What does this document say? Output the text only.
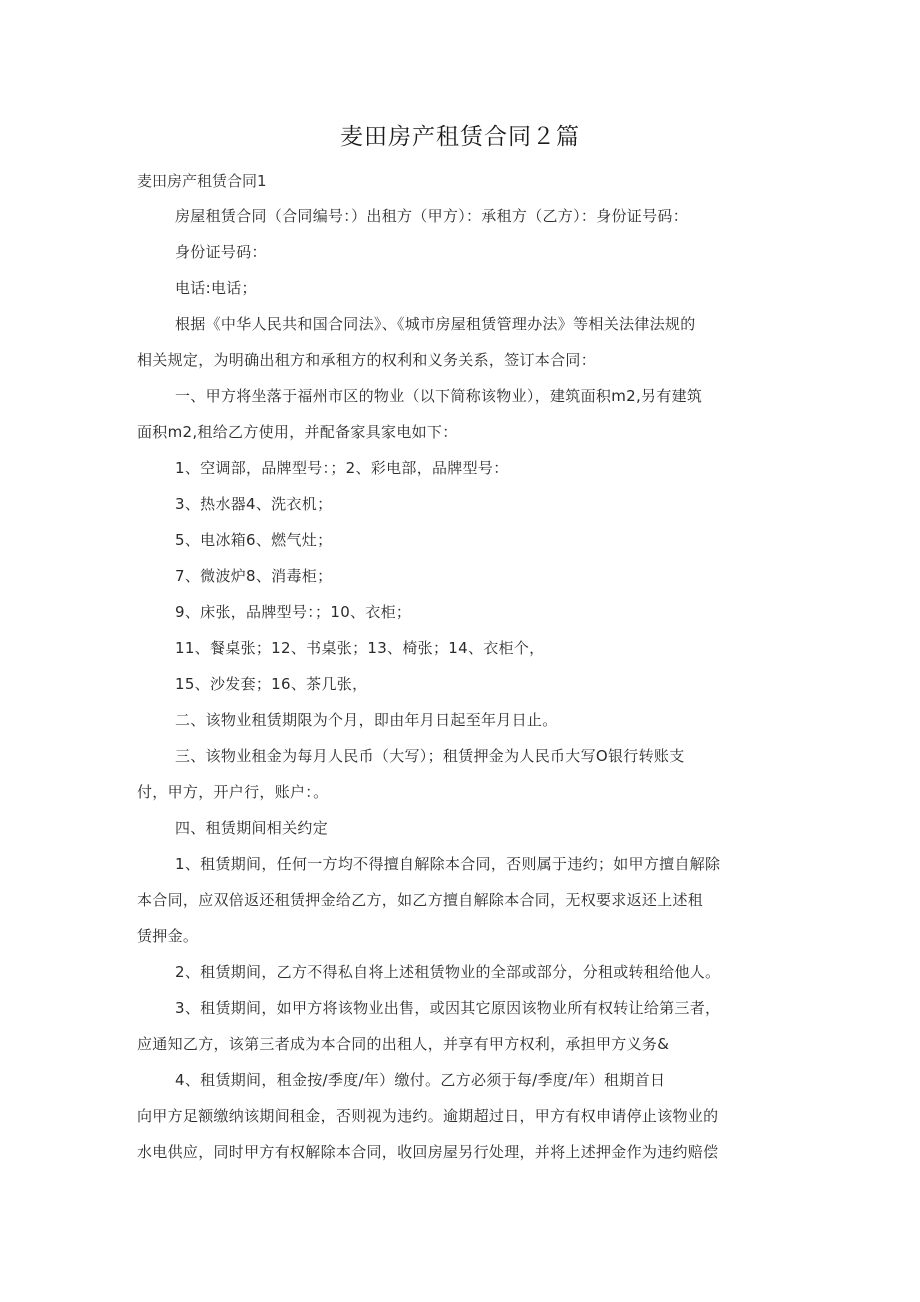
麦田房产租赁合同２篇
麦田房产租赁合同1
房屋租赁合同（合同编号：）出租方（甲方）：承租方（乙方）：身份证号码：
身份证号码：
电话:电话；
根据《中华人民共和国合同法》、《城市房屋租赁管理办法》等相关法律法规的
相关规定，为明确出租方和承租方的权利和义务关系，签订本合同：
一、甲方将坐落于福州市区的物业（以下简称该物业），建筑面积m2,另有建筑
面积m2,租给乙方使用，并配备家具家电如下：
1、空调部，品牌型号：；2、彩电部，品牌型号：
3、热水器4、洗衣机；
5、电冰箱6、燃气灶；
7、微波炉8、消毒柜；
9、床张，品牌型号：；10、衣柜；
11、餐桌张；12、书桌张；13、椅张；14、衣柜个，
15、沙发套；16、茶几张，
二、该物业租赁期限为个月，即由年月日起至年月日止。
三、该物业租金为每月人民币（大写）；租赁押金为人民币大写O银行转账支
付，甲方，开户行，账户：。
四、租赁期间相关约定
1、租赁期间，任何一方均不得擅自解除本合同，否则属于违约；如甲方擅自解除
本合同，应双倍返还租赁押金给乙方，如乙方擅自解除本合同，无权要求返还上述租
赁押金。
2、租赁期间，乙方不得私自将上述租赁物业的全部或部分，分租或转租给他人。
3、租赁期间，如甲方将该物业出售，或因其它原因该物业所有权转让给第三者，
应通知乙方，该第三者成为本合同的出租人，并享有甲方权利，承担甲方义务&
4、租赁期间，租金按/季度/年）缴付。乙方必须于每/季度/年）租期首日
向甲方足额缴纳该期间租金，否则视为违约。逾期超过日，甲方有权申请停止该物业的
水电供应，同时甲方有权解除本合同，收回房屋另行处理，并将上述押金作为违约赔偿
